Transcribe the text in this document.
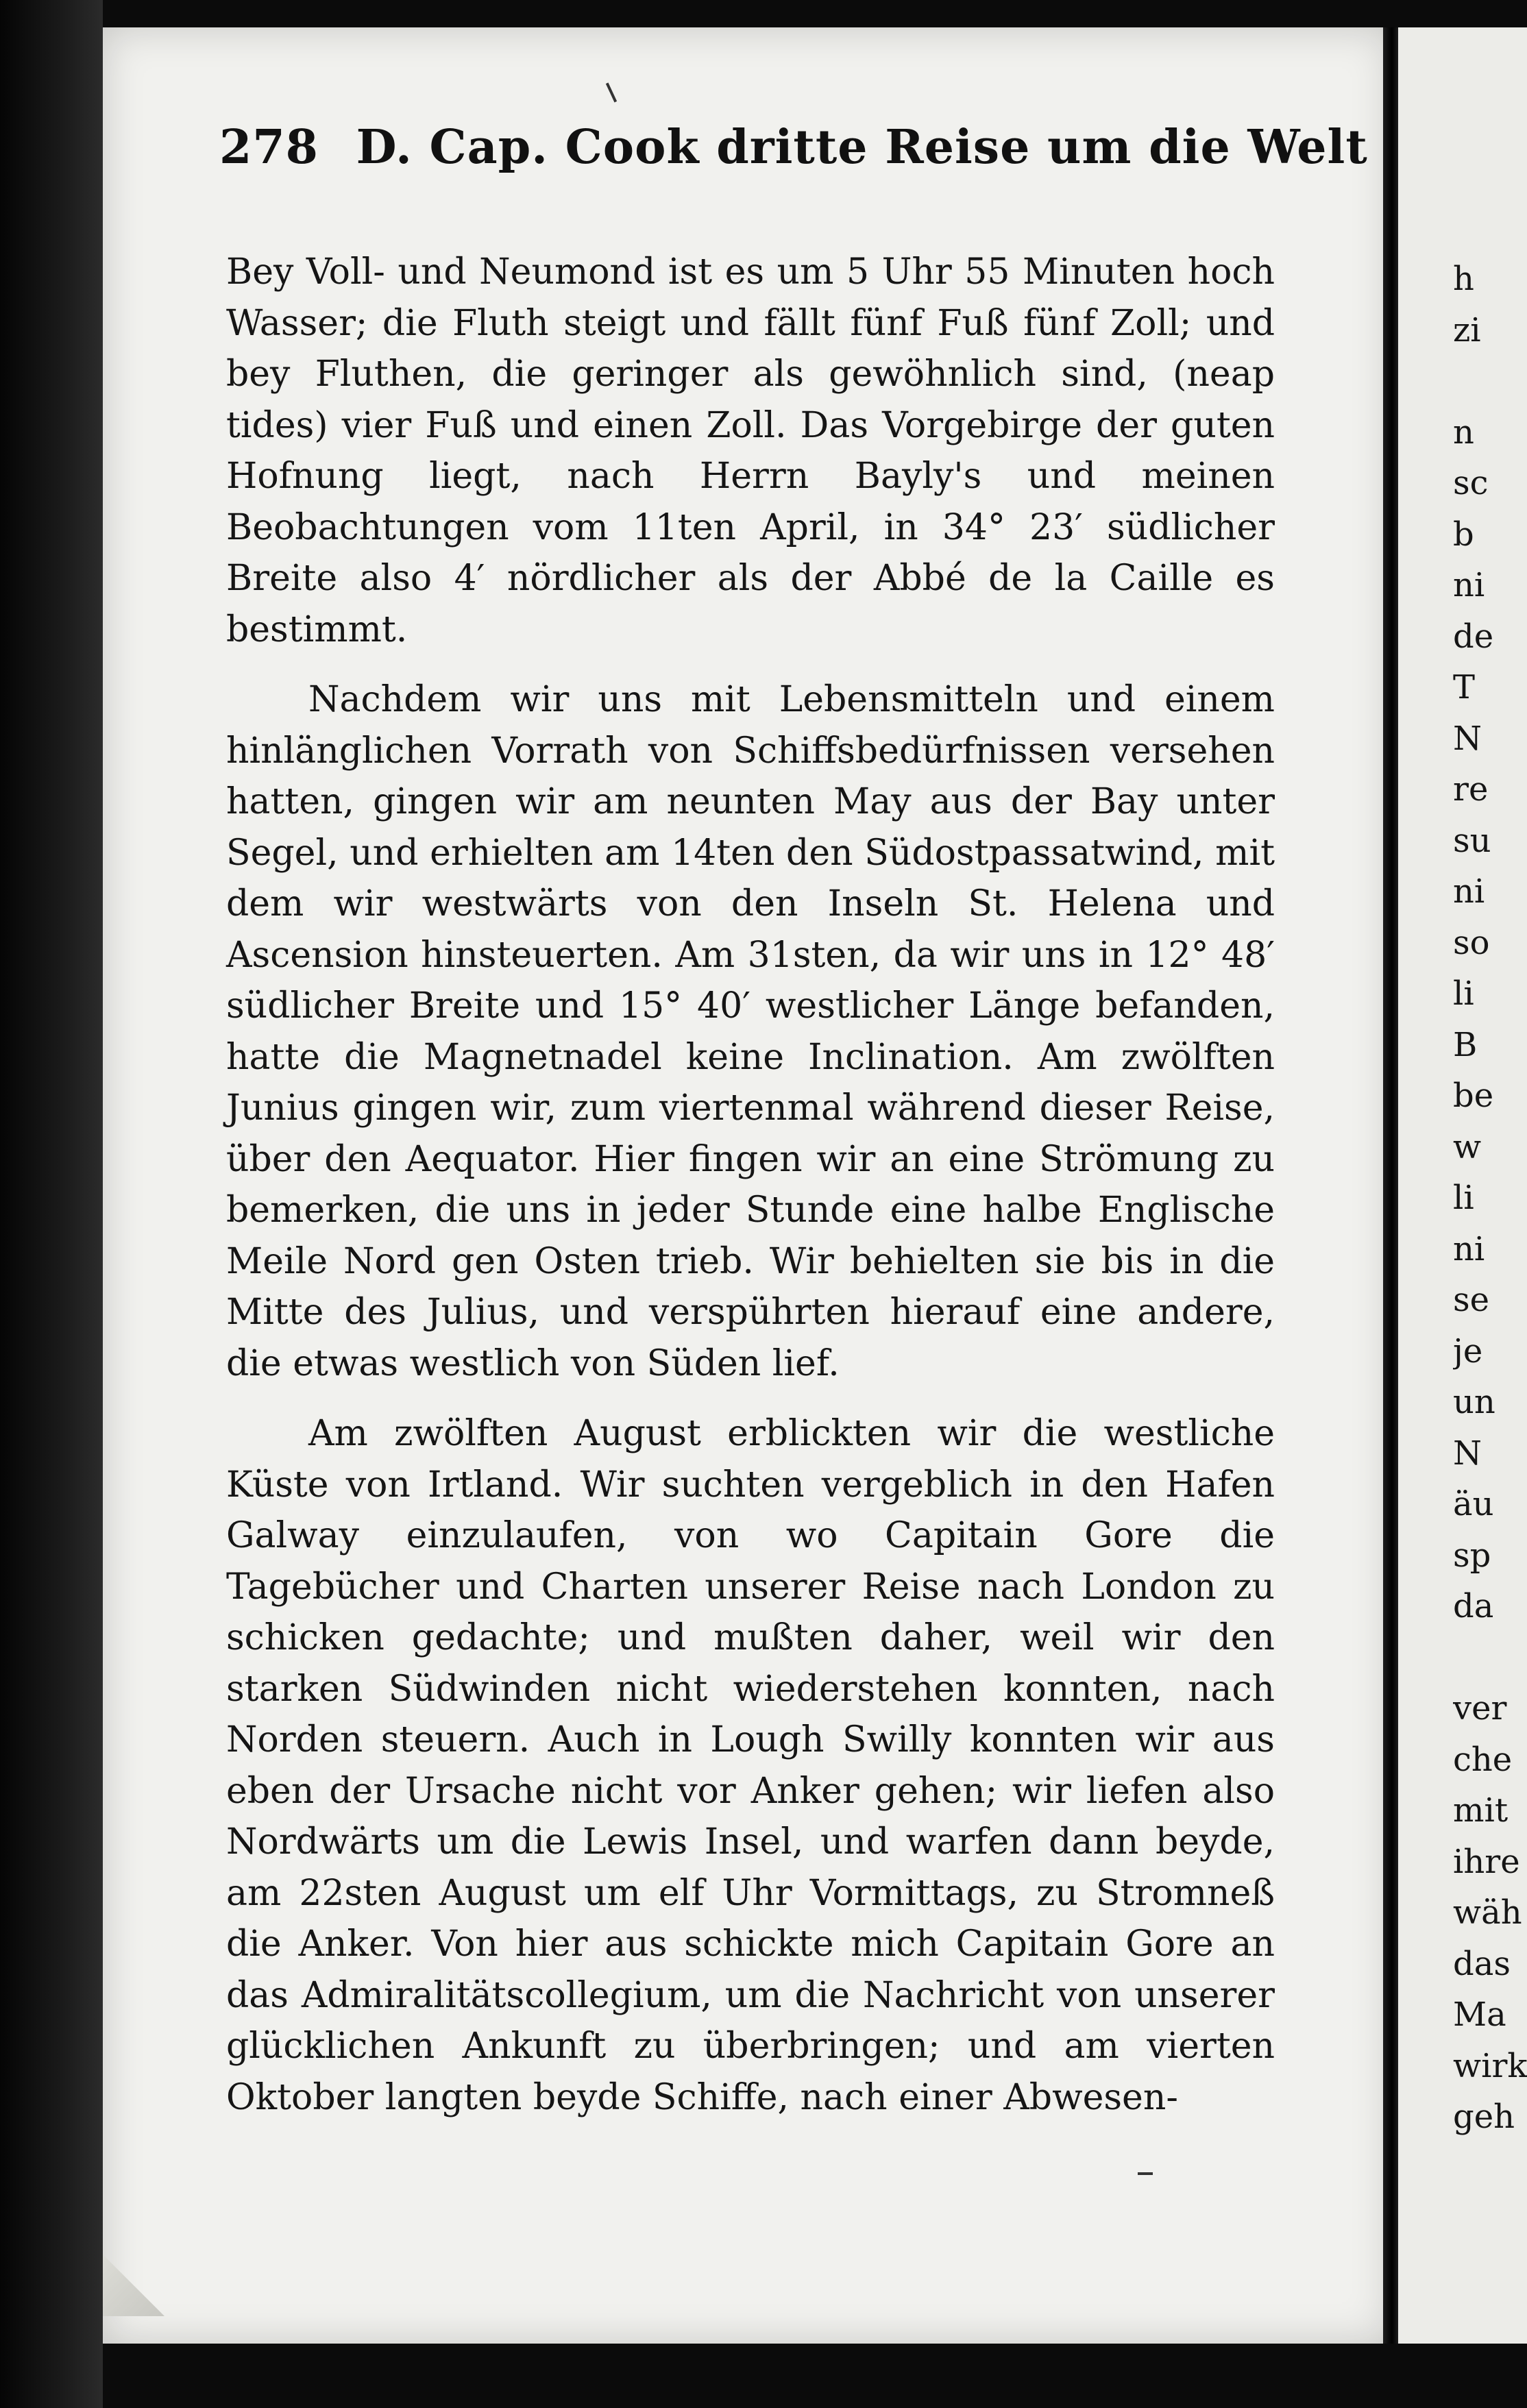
278 D. Cap. Cook dritte Reise um die Welt

Bey Voll- und Neumond ist es um 5 Uhr 55 Minuten hoch Wasser; die Fluth steigt und fällt fünf Fuß fünf Zoll; und bey Fluthen, die geringer als gewöhnlich sind, (neap tides) vier Fuß und einen Zoll. Das Vorgebirge der guten Hofnung liegt, nach Herrn Bayly's und meinen Beobachtungen vom 11ten April, in 34° 23′ südlicher Breite also 4′ nördlicher als der Abbé de la Caille es bestimmt.

Nachdem wir uns mit Lebensmitteln und einem hinlänglichen Vorrath von Schiffsbedürfnissen versehen hatten, gingen wir am neunten May aus der Bay unter Segel, und erhielten am 14ten den Südostpassatwind, mit dem wir westwärts von den Inseln St. Helena und Ascension hinsteuerten. Am 31sten, da wir uns in 12° 48′ südlicher Breite und 15° 40′ westlicher Länge befanden, hatte die Magnetnadel keine Inclination. Am zwölften Junius gingen wir, zum viertenmal während dieser Reise, über den Aequator. Hier fingen wir an eine Strömung zu bemerken, die uns in jeder Stunde eine halbe Englische Meile Nord gen Osten trieb. Wir behielten sie bis in die Mitte des Julius, und verspührten hierauf eine andere, die etwas westlich von Süden lief.

Am zwölften August erblickten wir die westliche Küste von Irtland. Wir suchten vergeblich in den Hafen Galway einzulaufen, von wo Capitain Gore die Tagebücher und Charten unserer Reise nach London zu schicken gedachte; und mußten daher, weil wir den starken Südwinden nicht wiederstehen konnten, nach Norden steuern. Auch in Lough Swilly konnten wir aus eben der Ursache nicht vor Anker gehen; wir liefen also Nordwärts um die Lewis Insel, und warfen dann beyde, am 22sten August um elf Uhr Vormittags, zu Stromneß die Anker. Von hier aus schickte mich Capitain Gore an das Admiralitätscollegium, um die Nachricht von unserer glücklichen Ankunft zu überbringen; und am vierten Oktober langten beyde Schiffe, nach einer Abwesen-

h
zi
n
sc
b
ni
de
T
N
re
su
ni
so
li
B
be
w
li
ni
se
je
un
N
äu
sp
da
ver
che
mit
ihre
wäh
das
Ma
wirk
geh
